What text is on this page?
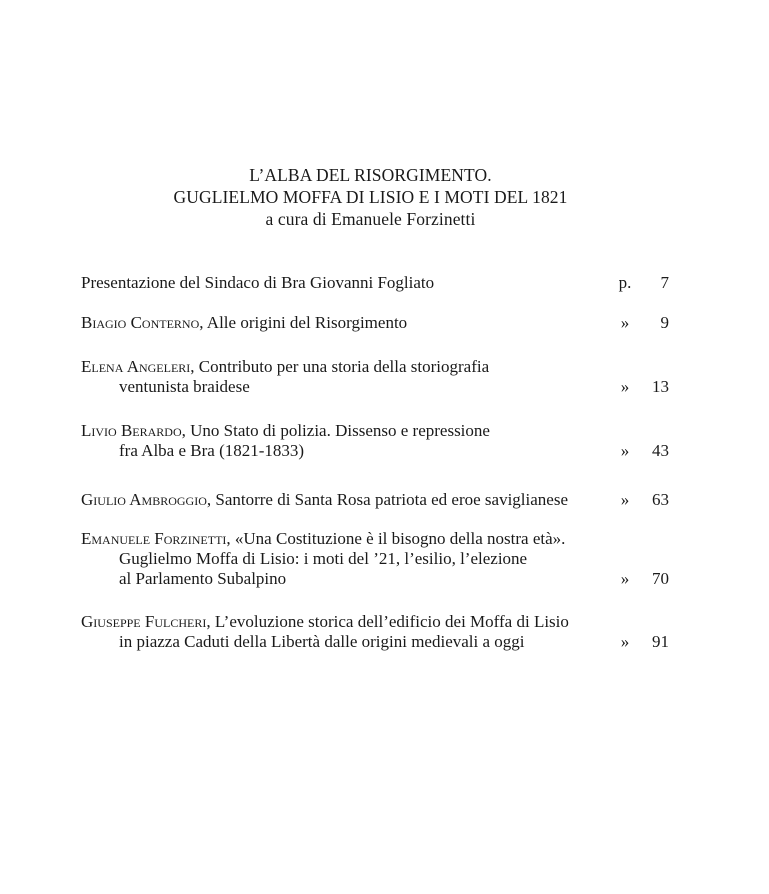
L’ALBA DEL RISORGIMENTO.
GUGLIELMO MOFFA DI LISIO E I MOTI DEL 1821
a cura di Emanuele Forzinetti
Presentazione del Sindaco di Bra Giovanni Fogliato	p.	7
Biagio Conterno, Alle origini del Risorgimento	»	9
Elena Angeleri, Contributo per una storia della storiografia
ventunista braidese	»	13
Livio Berardo, Uno Stato di polizia. Dissenso e repressione
fra Alba e Bra (1821-1833)	»	43
Giulio Ambroggio, Santorre di Santa Rosa patriota ed eroe saviglianese	»	63
Emanuele Forzinetti, «Una Costituzione è il bisogno della nostra età».
Guglielmo Moffa di Lisio: i moti del ’21, l’esilio, l’elezione
al Parlamento Subalpino	»	70
Giuseppe Fulcheri, L’evoluzione storica dell’edificio dei Moffa di Lisio
in piazza Caduti della Libertà dalle origini medievali a oggi	»	91
